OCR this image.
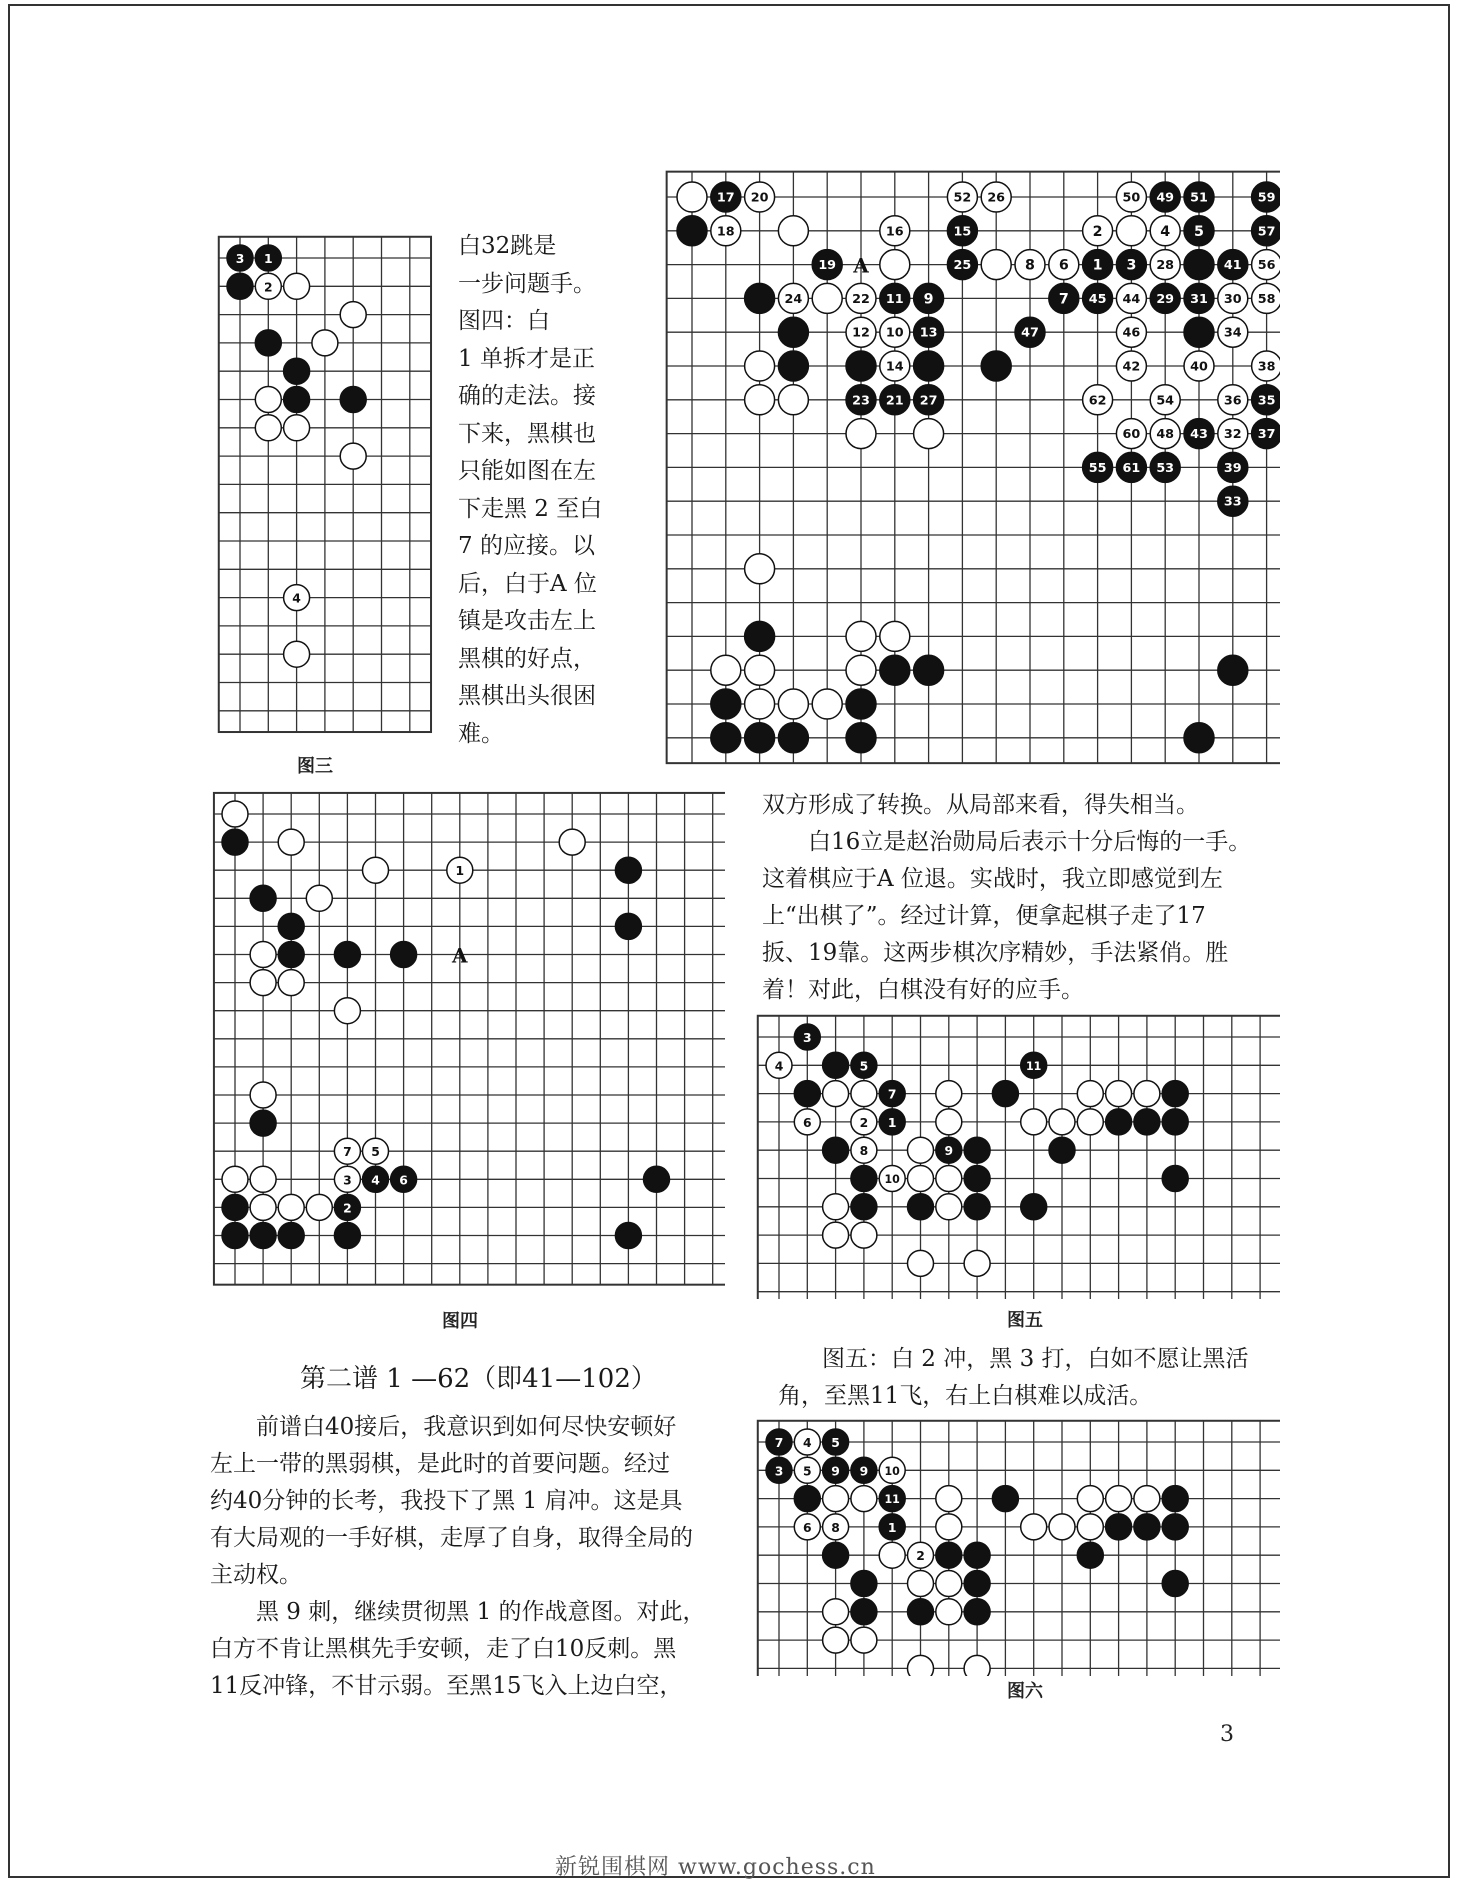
17 20	52 26	50 49 51	59
18	16	15	2	4 5	57
19	25	8 6 1 3 28	41 56
24	22 11 9	7 45 44 29 31 30 58
12 10 13	47	46	34
14	42	40	38
23 21 27	62	54	36 35
60 48 43 32 37
55 61 53	39
33
A
3 1
2
4
图三
白32跳是
一步问题手。
图四：白
1 单拆才是正
确的走法。接
下来，黑棋也
只能如图在左
下走黑 2 至白
7 的应接。以
后，白于A 位
镇是攻击左上
黑棋的好点，
黑棋出头很困
难。
1
7 5
3 4 6
2
A
图四
双方形成了转换。从局部来看，得失相当。
白16立是赵治勋局后表示十分后悔的一手。
这着棋应于A 位退。实战时，我立即感觉到左
上“出棋了”。经过计算，便拿起棋子走了17
扳、19靠。这两步棋次序精妙，手法紧俏。胜
着！对此，白棋没有好的应手。
3
4	5	11
7
6	2 1
8	9
10
图五
图五：白 2 冲，黑 3 打，白如不愿让黑活
角，至黑11飞，右上白棋难以成活。
7 4 5
3 5 9 9 10
11
6 8	1
2
图六
第二谱 1 —62（即41—102）
前谱白40接后，我意识到如何尽快安顿好
左上一带的黑弱棋，是此时的首要问题。经过
约40分钟的长考，我投下了黑 1 肩冲。这是具
有大局观的一手好棋，走厚了自身，取得全局的
主动权。
黑 9 刺，继续贯彻黑 1 的作战意图。对此，
白方不肯让黑棋先手安顿，走了白10反刺。黑
11反冲锋，不甘示弱。至黑15飞入上边白空，
3
新锐围棋网 www.gochess.cn
